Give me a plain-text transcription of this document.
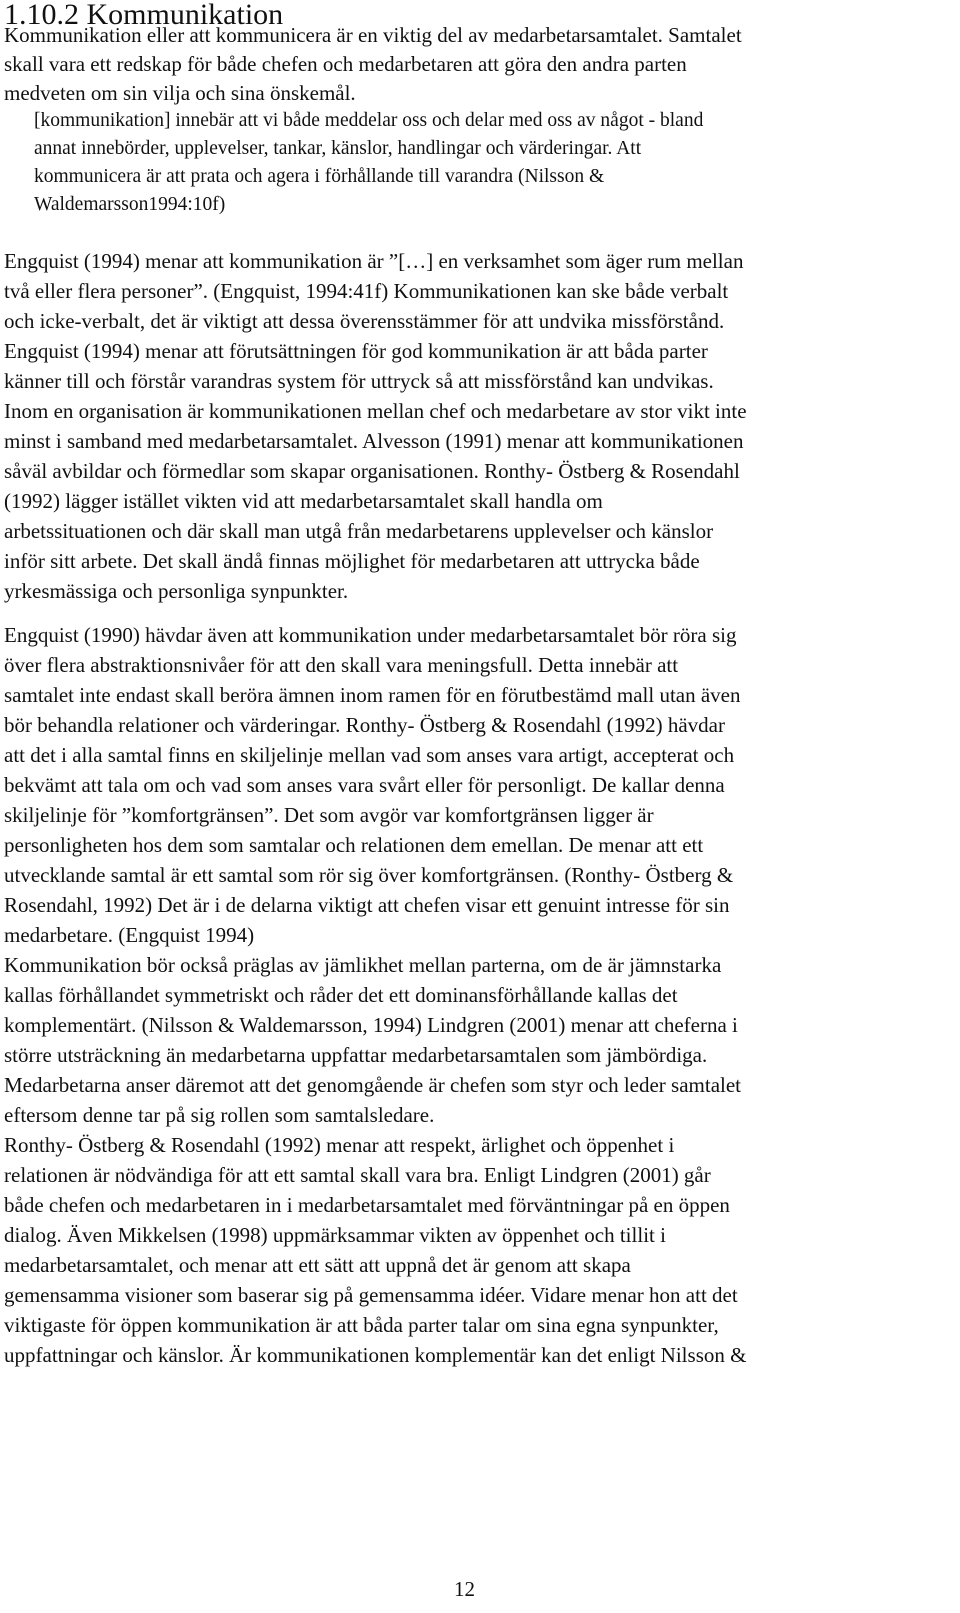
1.10.2 Kommunikation
Kommunikation eller att kommunicera är en viktig del av medarbetarsamtalet. Samtalet
skall vara ett redskap för både chefen och medarbetaren att göra den andra parten
medveten om sin vilja och sina önskemål.
[kommunikation] innebär att vi både meddelar oss och delar med oss av något - bland
annat innebörder, upplevelser, tankar, känslor, handlingar och värderingar. Att
kommunicera är att prata och agera i förhållande till varandra (Nilsson &
Waldemarsson1994:10f)
Engquist (1994) menar att kommunikation är ”[…] en verksamhet som äger rum mellan
två eller flera personer”. (Engquist, 1994:41f) Kommunikationen kan ske både verbalt
och icke-verbalt, det är viktigt att dessa överensstämmer för att undvika missförstånd.
Engquist (1994) menar att förutsättningen för god kommunikation är att båda parter
känner till och förstår varandras system för uttryck så att missförstånd kan undvikas.
Inom en organisation är kommunikationen mellan chef och medarbetare av stor vikt inte
minst i samband med medarbetarsamtalet. Alvesson (1991) menar att kommunikationen
såväl avbildar och förmedlar som skapar organisationen. Ronthy- Östberg & Rosendahl
(1992) lägger istället vikten vid att medarbetarsamtalet skall handla om
arbetssituationen och där skall man utgå från medarbetarens upplevelser och känslor
inför sitt arbete. Det skall ändå finnas möjlighet för medarbetaren att uttrycka både
yrkesmässiga och personliga synpunkter.
Engquist (1990) hävdar även att kommunikation under medarbetarsamtalet bör röra sig
över flera abstraktionsnivåer för att den skall vara meningsfull. Detta innebär att
samtalet inte endast skall beröra ämnen inom ramen för en förutbestämd mall utan även
bör behandla relationer och värderingar. Ronthy- Östberg & Rosendahl (1992) hävdar
att det i alla samtal finns en skiljelinje mellan vad som anses vara artigt, accepterat och
bekvämt att tala om och vad som anses vara svårt eller för personligt. De kallar denna
skiljelinje för ”komfortgränsen”. Det som avgör var komfortgränsen ligger är
personligheten hos dem som samtalar och relationen dem emellan. De menar att ett
utvecklande samtal är ett samtal som rör sig över komfortgränsen. (Ronthy- Östberg &
Rosendahl, 1992) Det är i de delarna viktigt att chefen visar ett genuint intresse för sin
medarbetare. (Engquist 1994)
Kommunikation bör också präglas av jämlikhet mellan parterna, om de är jämnstarka
kallas förhållandet symmetriskt och råder det ett dominansförhållande kallas det
komplementärt. (Nilsson & Waldemarsson, 1994) Lindgren (2001) menar att cheferna i
större utsträckning än medarbetarna uppfattar medarbetarsamtalen som jämbördiga.
Medarbetarna anser däremot att det genomgående är chefen som styr och leder samtalet
eftersom denne tar på sig rollen som samtalsledare.
Ronthy- Östberg & Rosendahl (1992) menar att respekt, ärlighet och öppenhet i
relationen är nödvändiga för att ett samtal skall vara bra. Enligt Lindgren (2001) går
både chefen och medarbetaren in i medarbetarsamtalet med förväntningar på en öppen
dialog. Även Mikkelsen (1998) uppmärksammar vikten av öppenhet och tillit i
medarbetarsamtalet, och menar att ett sätt att uppnå det är genom att skapa
gemensamma visioner som baserar sig på gemensamma idéer. Vidare menar hon att det
viktigaste för öppen kommunikation är att båda parter talar om sina egna synpunkter,
uppfattningar och känslor. Är kommunikationen komplementär kan det enligt Nilsson &
12
